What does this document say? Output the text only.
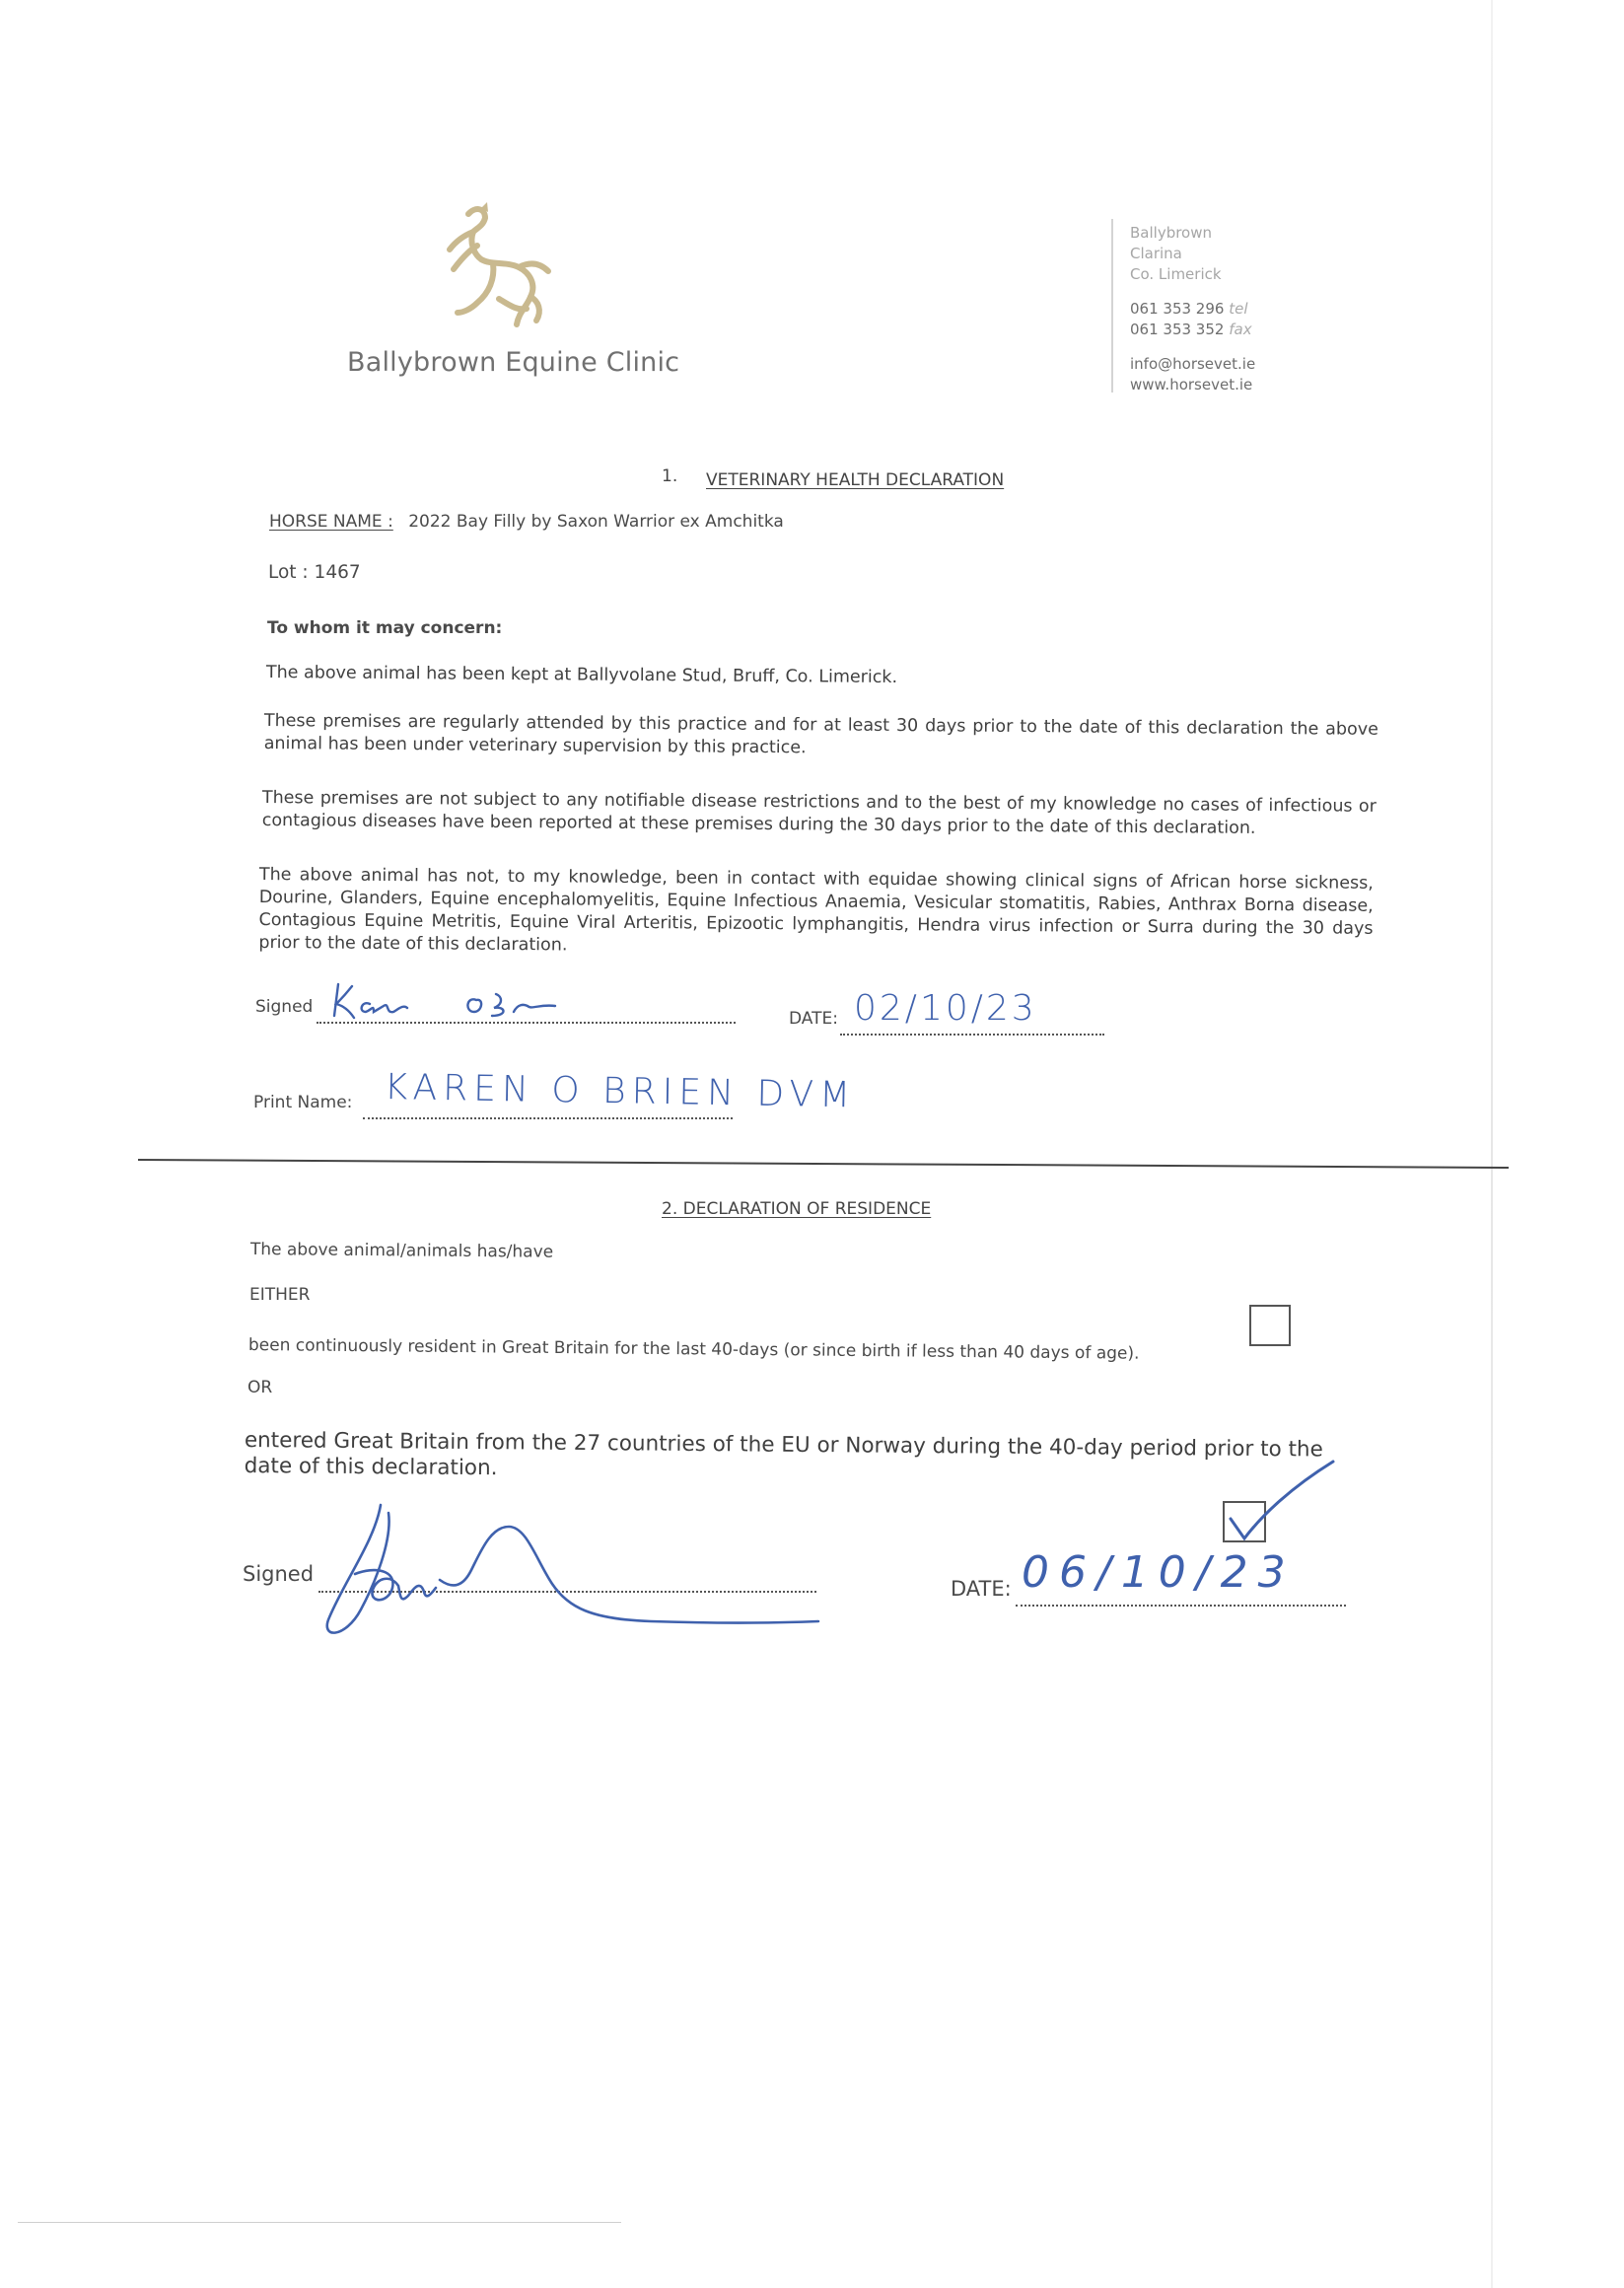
Ballybrown Equine Clinic
Ballybrown
Clarina
Co. Limerick
061 353 296 tel
061 353 352 fax
info@horsevet.ie
www.horsevet.ie
1. VETERINARY HEALTH DECLARATION
HORSE NAME : 2022 Bay Filly by Saxon Warrior ex Amchitka
Lot : 1467
To whom it may concern:
The above animal has been kept at Ballyvolane Stud, Bruff, Co. Limerick.
These premises are regularly attended by this practice and for at least 30 days prior to the date of this declaration the above animal has been under veterinary supervision by this practice.
These premises are not subject to any notifiable disease restrictions and to the best of my knowledge no cases of infectious or contagious diseases have been reported at these premises during the 30 days prior to the date of this declaration.
The above animal has not, to my knowledge, been in contact with equidae showing clinical signs of African horse sickness, Dourine, Glanders, Equine encephalomyelitis, Equine Infectious Anaemia, Vesicular stomatitis, Rabies, Anthrax Borna disease, Contagious Equine Metritis, Equine Viral Arteritis, Epizootic lymphangitis, Hendra virus infection or Surra during the 30 days prior to the date of this declaration.
Signed
DATE: 02/10/23
Print Name: KAREN O BRIEN DVM
2. DECLARATION OF RESIDENCE
The above animal/animals has/have
EITHER
been continuously resident in Great Britain for the last 40-days (or since birth if less than 40 days of age).
OR
entered Great Britain from the 27 countries of the EU or Norway during the 40-day period prior to the date of this declaration.
Signed
DATE: 06/10/23
